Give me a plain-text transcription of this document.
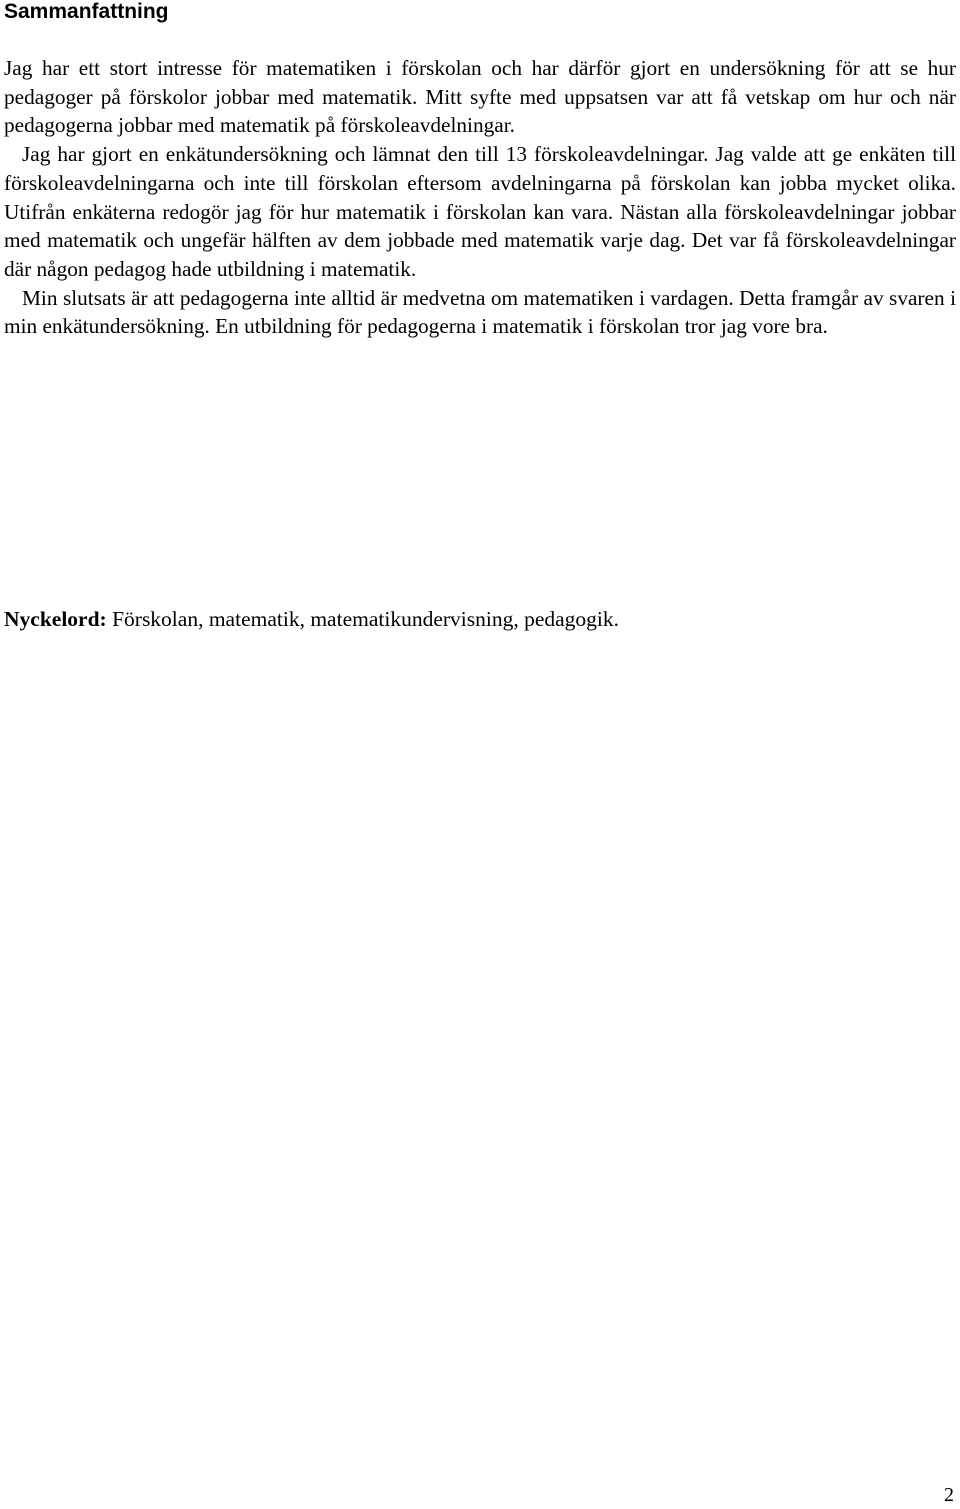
Sammanfattning

Jag har ett stort intresse för matematiken i förskolan och har därför gjort en undersökning för att se hur pedagoger på förskolor jobbar med matematik. Mitt syfte med uppsatsen var att få vetskap om hur och när pedagogerna jobbar med matematik på förskoleavdelningar.

Jag har gjort en enkätundersökning och lämnat den till 13 förskoleavdelningar. Jag valde att ge enkäten till förskoleavdelningarna och inte till förskolan eftersom avdelningarna på förskolan kan jobba mycket olika. Utifrån enkäterna redogör jag för hur matematik i förskolan kan vara. Nästan alla förskoleavdelningar jobbar med matematik och ungefär hälften av dem jobbade med matematik varje dag. Det var få förskoleavdelningar där någon pedagog hade utbildning i matematik.

Min slutsats är att pedagogerna inte alltid är medvetna om matematiken i vardagen. Detta framgår av svaren i min enkätundersökning. En utbildning för pedagogerna i matematik i förskolan tror jag vore bra.

Nyckelord: Förskolan, matematik, matematikundervisning, pedagogik.

2
